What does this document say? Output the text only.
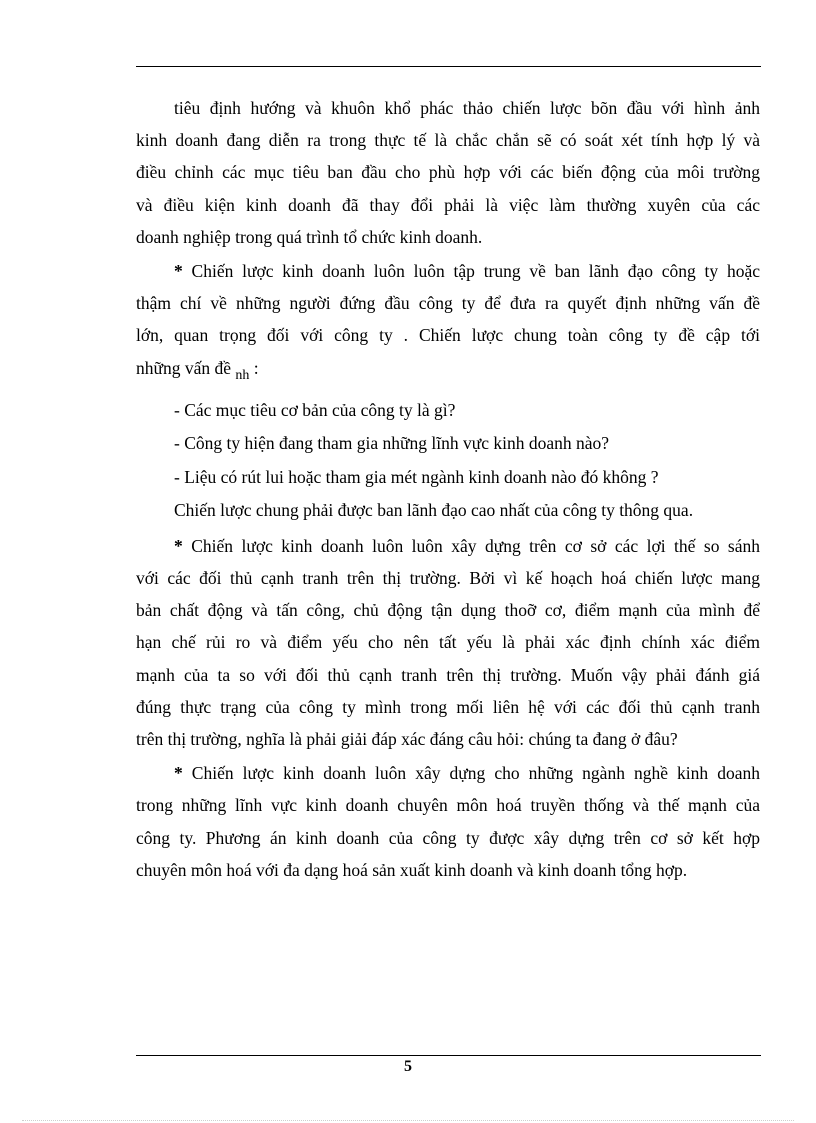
tiêu định hướng và khuôn khổ phác thảo chiến lược bõn đầu với hình ảnh
kinh doanh đang diễn ra trong thực tế là chắc chắn sẽ có soát xét tính hợp lý và
điều chỉnh các mục tiêu ban đầu cho phù hợp với các biến động của môi trường
và điều kiện kinh doanh đã thay đổi phải là việc làm thường xuyên của các
doanh nghiệp trong quá trình tổ chức kinh doanh.
* Chiến lược kinh doanh luôn luôn tập trung về ban lãnh đạo công ty hoặc
thậm chí về những người đứng đầu công ty để đưa ra quyết định những vấn đề
lớn, quan trọng đối với công ty . Chiến lược chung toàn công ty đề cập tới
những vấn đề $_{nh}$ :

- Các mục tiêu cơ bản của công ty là gì?

- Công ty hiện đang tham gia những lĩnh vực kinh doanh nào?

- Liệu có rút lui hoặc tham gia mét ngành kinh doanh nào đó không ?

Chiến lược chung phải được ban lãnh đạo cao nhất của công ty thông qua.

* Chiến lược kinh doanh luôn luôn xây dựng trên cơ sở các lợi thế so sánh
với các đối thủ cạnh tranh trên thị trường. Bởi vì kế hoạch hoá chiến lược mang
bản chất động và tấn công, chủ động tận dụng thoỡ cơ, điểm mạnh của mình để
hạn chế rủi ro và điểm yếu cho nên tất yếu là phải xác định chính xác điểm
mạnh của ta so với đối thủ cạnh tranh trên thị trường. Muốn vậy phải đánh giá
đúng thực trạng của công ty mình trong mối liên hệ với các đối thủ cạnh tranh
trên thị trường, nghĩa là phải giải đáp xác đáng câu hỏi: chúng ta đang ở đâu?
* Chiến lược kinh doanh luôn xây dựng cho những ngành nghề kinh doanh
trong những lĩnh vực kinh doanh chuyên môn hoá truyền thống và thế mạnh của
công ty. Phương án kinh doanh của công ty được xây dựng trên cơ sở kết hợp
chuyên môn hoá với đa dạng hoá sản xuất kinh doanh và kinh doanh tổng hợp.
5
